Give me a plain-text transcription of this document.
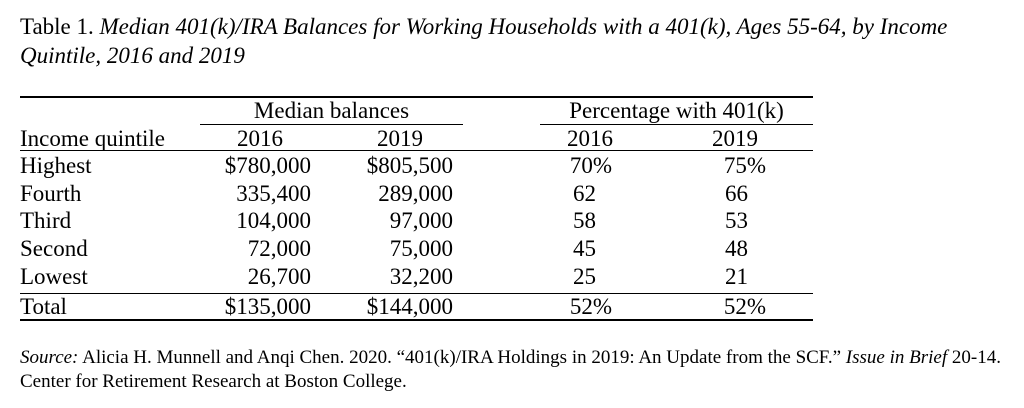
Table 1. Median 401(k)/IRA Balances for Working Households with a 401(k), Ages 55-64, by Income Quintile, 2016 and 2019
Median balances	Percentage with 401(k)
Income quintile	2016	2019	2016	2019
Highest	$780,000	$805,500	70%	75%
Fourth	335,400	289,000	62	66
Third	104,000	97,000	58	53
Second	72,000	75,000	45	48
Lowest	26,700	32,200	25	21
Total	$135,000	$144,000	52%	52%
Source: Alicia H. Munnell and Anqi Chen. 2020. “401(k)/IRA Holdings in 2019: An Update from the SCF.” Issue in Brief 20-14. Center for Retirement Research at Boston College.
